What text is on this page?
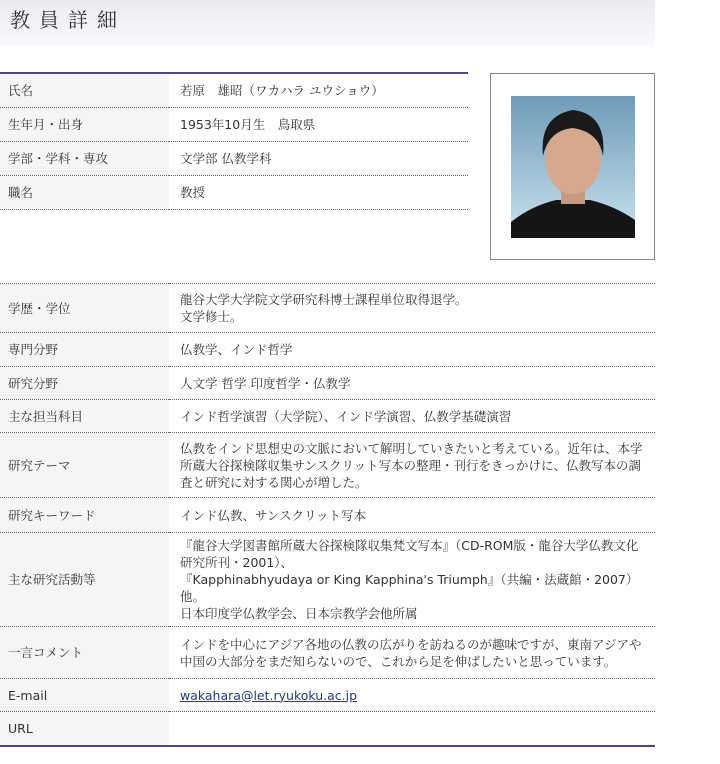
教員詳細
氏名	若原　雄昭（ワカハラ ユウショウ）
生年月・出身	1953年10月生　鳥取県
学部・学科・専攻	文学部 仏教学科
職名	教授
学歴・学位	龍谷大学大学院文学研究科博士課程単位取得退学。
文学修士。

専門分野	仏教学、インド哲学

研究分野	人文学 哲学 印度哲学・仏教学

主な担当科目	インド哲学演習（大学院）、インド学演習、仏教学基礎演習

研究テーマ	仏教をインド思想史の文脈において解明していきたいと考えている。近年は、本学
所蔵大谷探検隊収集サンスクリット写本の整理・刊行をきっかけに、仏教写本の調
査と研究に対する関心が増した。

研究キーワード	インド仏教、サンスクリット写本

主な研究活動等	『龍谷大学図書館所蔵大谷探検隊収集梵文写本』（CD-ROM版・龍谷大学仏教文化
研究所刊・2001）、
『Kapphinabhyudaya or King Kapphina's Triumph』（共編・法蔵館・2007）
他。
日本印度学仏教学会、日本宗教学会他所属

一言コメント	インドを中心にアジア各地の仏教の広がりを訪ねるのが趣味ですが、東南アジアや
中国の大部分をまだ知らないので、これから足を伸ばしたいと思っています。

E-mail	wakahara@let.ryukoku.ac.jp
URL	
